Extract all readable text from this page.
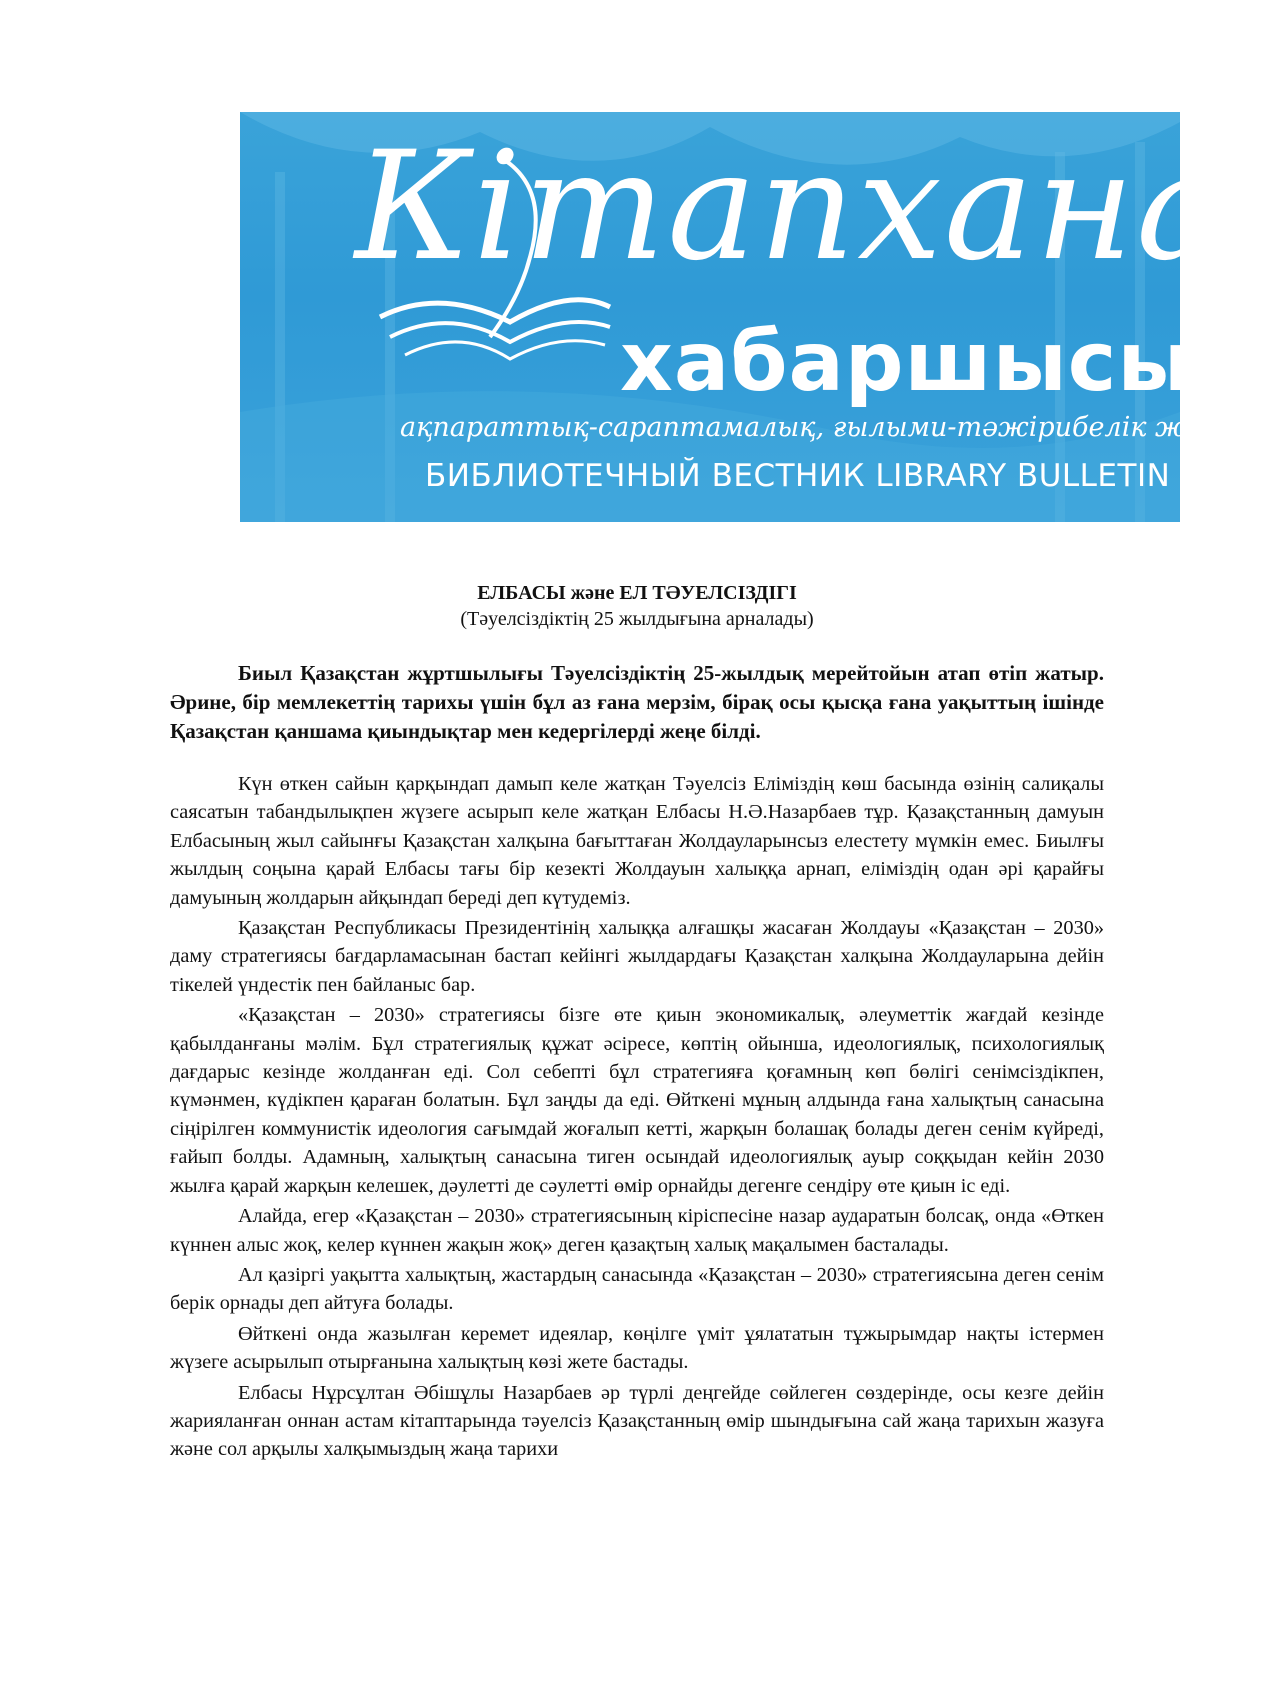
Кітапхана
хабаршысы
ақпараттық-сараптамалық, ғылыми-тәжірибелік журнал
БИБЛИОТЕЧНЫЙ ВЕСТНИК LIBRARY BULLETIN

ЕЛБАСЫ және ЕЛ ТӘУЕЛСІЗДІГІ

(Тәуелсіздіктің 25 жылдығына арналады)

Биыл Қазақстан жұртшылығы Тәуелсіздіктің 25-жылдық мерейтойын атап өтіп жатыр. Әрине, бір мемлекеттің тарихы үшін бұл аз ғана мерзім, бірақ осы қысқа ғана уақыттың ішінде Қазақстан қаншама қиындықтар мен кедергілерді жеңе білді.

Күн өткен сайын қарқындап дамып келе жатқан Тәуелсіз Еліміздің көш басында өзінің салиқалы саясатын табандылықпен жүзеге асырып келе жатқан Елбасы Н.Ә.Назарбаев тұр. Қазақстанның дамуын Елбасының жыл сайынғы Қазақстан халқына бағыттаған Жолдауларынсыз елестету мүмкін емес. Биылғы жылдың соңына қарай Елбасы тағы бір кезекті Жолдауын халыққа арнап, еліміздің одан әрі қарайғы дамуының жолдарын айқындап береді деп күтудеміз.

Қазақстан Республикасы Президентінің халыққа алғашқы жасаған Жолдауы «Қазақстан – 2030» даму стратегиясы бағдарламасынан бастап кейінгі жылдардағы Қазақстан халқына Жолдауларына дейін тікелей үндестік пен байланыс бар.

«Қазақстан – 2030» стратегиясы бізге өте қиын экономикалық, әлеуметтік жағдай кезінде қабылданғаны мәлім. Бұл стратегиялық құжат әсіресе, көптің ойынша, идеологиялық, психологиялық дағдарыс кезінде жолданған еді. Сол себепті бұл стратегияға қоғамның көп бөлігі сенімсіздікпен, күмәнмен, күдікпен қараған болатын. Бұл заңды да еді. Өйткені мұның алдында ғана халықтың санасына сіңірілген коммунистік идеология сағымдай жоғалып кетті, жарқын болашақ болады деген сенім күйреді, ғайып болды. Адамның, халықтың санасына тиген осындай идеологиялық ауыр соққыдан кейін 2030 жылға қарай жарқын келешек, дәулетті де сәулетті өмір орнайды дегенге сендіру өте қиын іс еді.

Алайда, егер «Қазақстан – 2030» стратегиясының кіріспесіне назар аударатын болсақ, онда «Өткен күннен алыс жоқ, келер күннен жақын жоқ» деген қазақтың халық мақалымен басталады.

Ал қазіргі уақытта халықтың, жастардың санасында «Қазақстан – 2030» стратегиясына деген сенім берік орнады деп айтуға болады.

Өйткені онда жазылған керемет идеялар, көңілге үміт ұялататын тұжырымдар нақты істермен жүзеге асырылып отырғанына халықтың көзі жете бастады.

Елбасы Нұрсұлтан Әбішұлы Назарбаев әр түрлі деңгейде сөйлеген сөздерінде, осы кезге дейін жарияланған оннан астам кітаптарында тәуелсіз Қазақстанның өмір шындығына сай жаңа тарихын жазуға және сол арқылы халқымыздың жаңа тарихи
